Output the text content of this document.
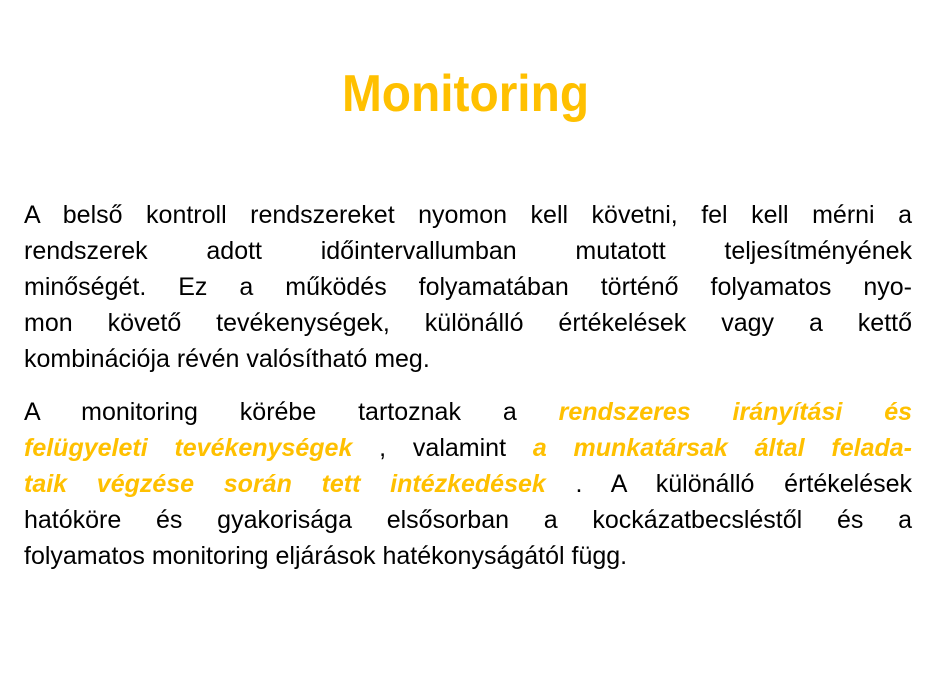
Monitoring
A belső kontroll rendszereket nyomon kell követni, fel kell mérni a
rendszerek adott időintervallumban mutatott teljesítményének
minőségét. Ez a működés folyamatában történő folyamatos nyo-
mon követő tevékenységek, különálló értékelések vagy a kettő
kombinációja révén valósítható meg.
A monitoring körébe tartoznak a rendszeres irányítási és
felügyeleti tevékenységek , valamint a munkatársak által felada-
taik végzése során tett intézkedések . A különálló értékelések
hatóköre és gyakorisága elsősorban a kockázatbecsléstől és a
folyamatos monitoring eljárások hatékonyságától függ.
